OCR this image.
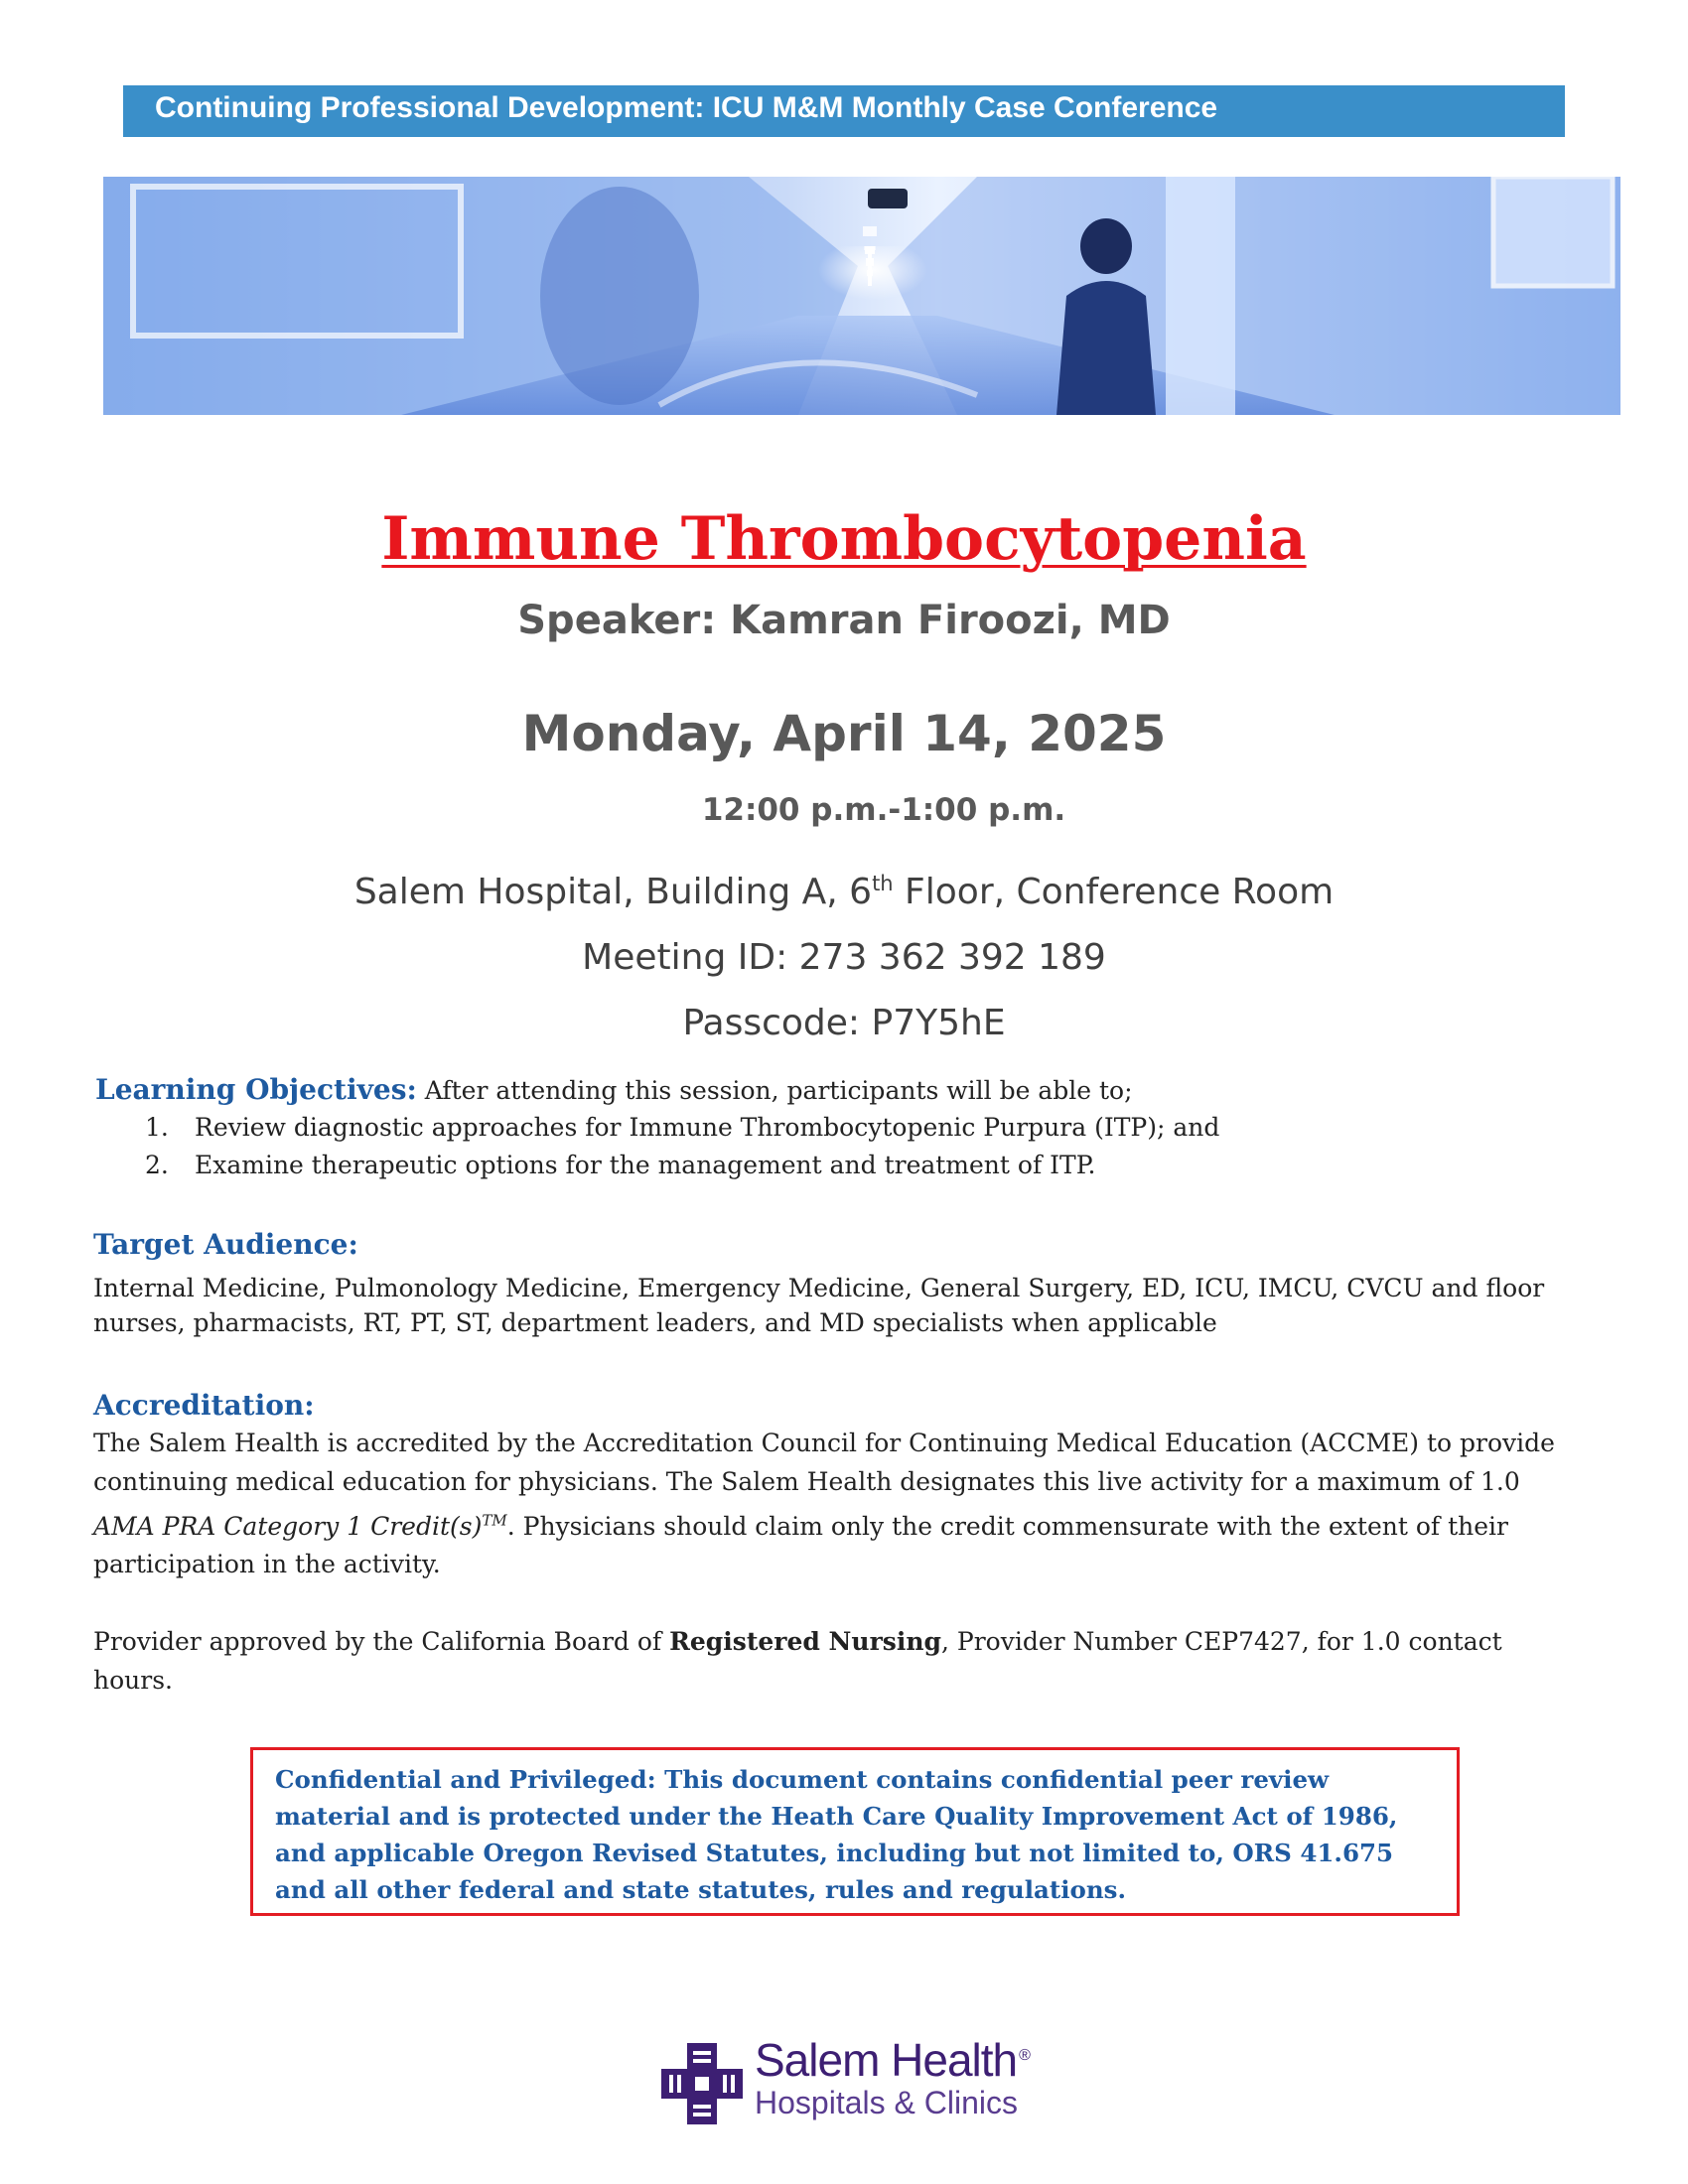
Continuing Professional Development: ICU M&M Monthly Case Conference
Immune Thrombocytopenia
Speaker: Kamran Firoozi, MD
Monday, April 14, 2025
12:00 p.m.-1:00 p.m.
Salem Hospital, Building A, 6th Floor, Conference Room
Meeting ID: 273 362 392 189
Passcode: P7Y5hE
Learning Objectives: After attending this session, participants will be able to;
1. Review diagnostic approaches for Immune Thrombocytopenic Purpura (ITP); and
2. Examine therapeutic options for the management and treatment of ITP.
Target Audience:
Internal Medicine, Pulmonology Medicine, Emergency Medicine, General Surgery, ED, ICU, IMCU, CVCU and floor
nurses, pharmacists, RT, PT, ST, department leaders, and MD specialists when applicable
Accreditation:
The Salem Health is accredited by the Accreditation Council for Continuing Medical Education (ACCME) to provide
continuing medical education for physicians. The Salem Health designates this live activity for a maximum of 1.0
AMA PRA Category 1 Credit(s)™. Physicians should claim only the credit commensurate with the extent of their
participation in the activity.
Provider approved by the California Board of Registered Nursing, Provider Number CEP7427, for 1.0 contact
hours.
Confidential and Privileged: This document contains confidential peer review
material and is protected under the Heath Care Quality Improvement Act of 1986,
and applicable Oregon Revised Statutes, including but not limited to, ORS 41.675
and all other federal and state statutes, rules and regulations.
Salem Health ®
Hospitals & Clinics
